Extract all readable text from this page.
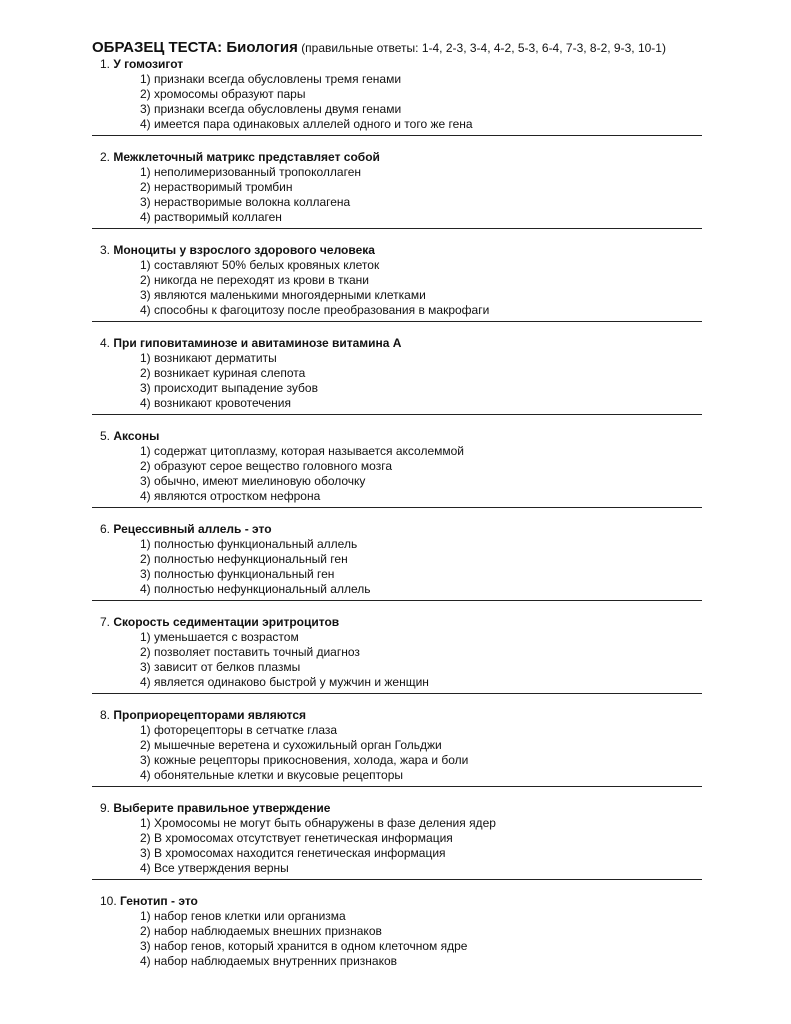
ОБРАЗЕЦ ТЕСТА: Биология (правильные ответы: 1-4, 2-3, 3-4, 4-2, 5-3, 6-4, 7-3, 8-2, 9-3, 10-1)
1. У гомозигот
1) признаки всегда обусловлены тремя генами
2) хромосомы образуют пары
3) признаки всегда обусловлены двумя генами
4) имеется пара одинаковых аллелей одного и того же гена
2. Межклеточный матрикс представляет собой
1) неполимеризованный тропоколлаген
2) нерастворимый тромбин
3) нерастворимые волокна коллагена
4) растворимый коллаген
3. Моноциты у взрослого здорового человека
1) составляют 50% белых кровяных клеток
2) никогда не переходят из крови в ткани
3) являются маленькими многоядерными клетками
4) способны к фагоцитозу после преобразования в макрофаги
4. При гиповитаминозе и авитаминозе витамина А
1) возникают дерматиты
2) возникает куриная слепота
3) происходит выпадение зубов
4) возникают кровотечения
5. Аксоны
1) содержат цитоплазму, которая называется аксолеммой
2) образуют серое вещество головного мозга
3) обычно, имеют миелиновую оболочку
4) являются отростком нефрона
6. Рецессивный аллель - это
1) полностью функциональный аллель
2) полностью нефункциональный ген
3) полностью функциональный ген
4) полностью нефункциональный аллель
7. Скорость седиментации эритроцитов
1) уменьшается с возрастом
2) позволяет поставить точный диагноз
3) зависит от белков плазмы
4) является одинаково быстрой у мужчин и женщин
8. Проприорецепторами являются
1) фоторецепторы в сетчатке глаза
2) мышечные веретена и сухожильный орган Гольджи
3) кожные рецепторы прикосновения, холода, жара и боли
4) обонятельные клетки и вкусовые рецепторы
9. Выберите правильное утверждение
1) Хромосомы не могут быть обнаружены в фазе деления ядер
2) В хромосомах отсутствует генетическая информация
3) В хромосомах находится генетическая информация
4) Все утверждения верны
10. Генотип - это
1) набор генов клетки или организма
2) набор наблюдаемых внешних признаков
3) набор генов, который хранится в одном клеточном ядре
4) набор наблюдаемых внутренних признаков
